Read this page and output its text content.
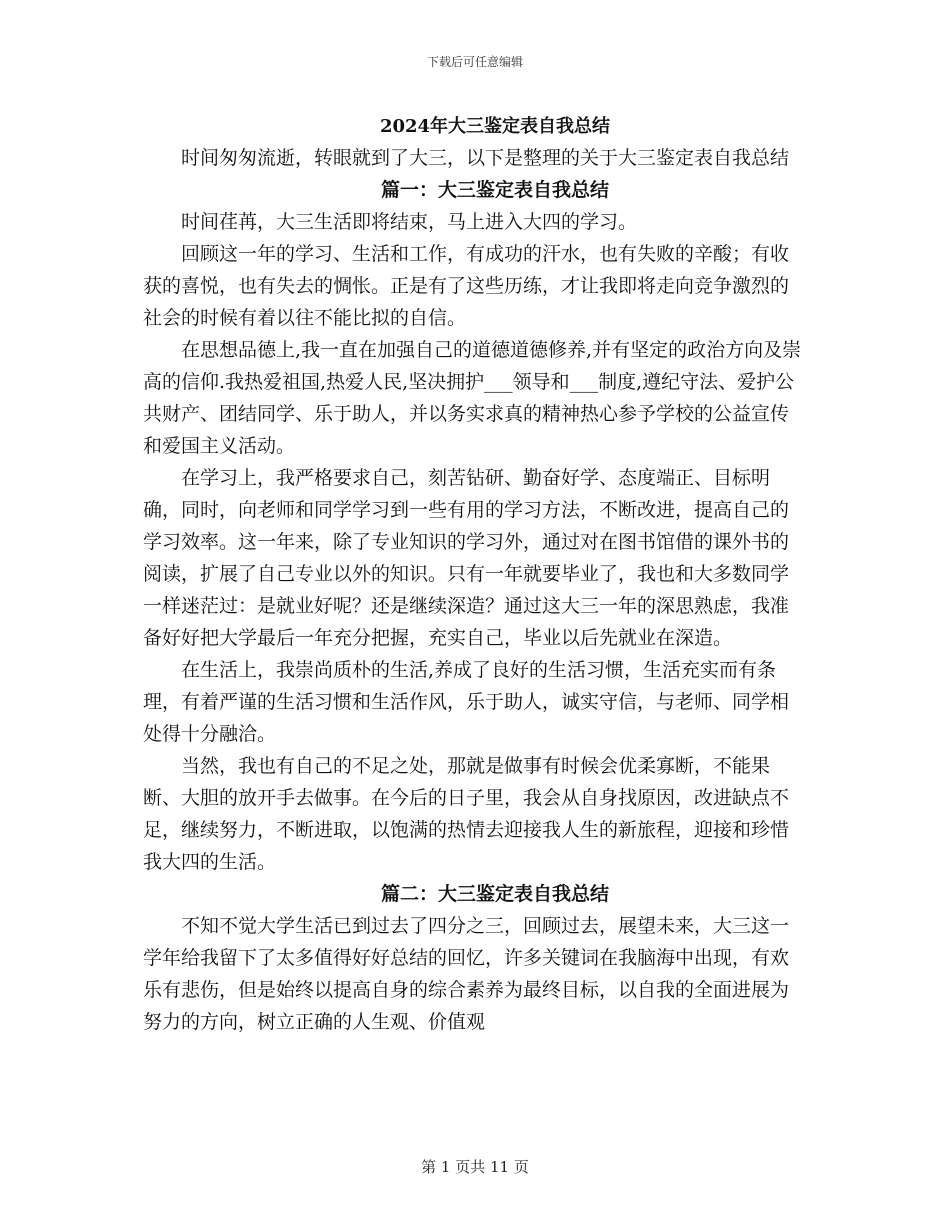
下载后可任意编辑
2024年大三鉴定表自我总结

时间匆匆流逝，转眼就到了大三，以下是整理的关于大三鉴定表自我总结

篇一：大三鉴定表自我总结

时间荏苒，大三生活即将结束，马上进入大四的学习。

回顾这一年的学习、生活和工作，有成功的汗水，也有失败的辛酸；有收获的喜悦，也有失去的惆怅。正是有了这些历练，才让我即将走向竞争激烈的社会的时候有着以往不能比拟的自信。

在思想品德上,我一直在加强自己的道德道德修养,并有坚定的政治方向及崇高的信仰.我热爱祖国,热爱人民,坚决拥护___领导和___制度,遵纪守法、爱护公共财产、团结同学、乐于助人，并以务实求真的精神热心参予学校的公益宣传和爱国主义活动。

在学习上，我严格要求自己，刻苦钻研、勤奋好学、态度端正、目标明确，同时，向老师和同学学习到一些有用的学习方法，不断改进，提高自己的学习效率。这一年来，除了专业知识的学习外，通过对在图书馆借的课外书的阅读，扩展了自己专业以外的知识。只有一年就要毕业了，我也和大多数同学一样迷茫过：是就业好呢？还是继续深造？通过这大三一年的深思熟虑，我准备好好把大学最后一年充分把握，充实自己，毕业以后先就业在深造。

在生活上，我崇尚质朴的生活,养成了良好的生活习惯，生活充实而有条理，有着严谨的生活习惯和生活作风，乐于助人，诚实守信，与老师、同学相处得十分融洽。

当然，我也有自己的不足之处，那就是做事有时候会优柔寡断，不能果断、大胆的放开手去做事。在今后的日子里，我会从自身找原因，改进缺点不足，继续努力，不断进取，以饱满的热情去迎接我人生的新旅程，迎接和珍惜我大四的生活。

篇二：大三鉴定表自我总结

不知不觉大学生活已到过去了四分之三，回顾过去，展望未来，大三这一学年给我留下了太多值得好好总结的回忆，许多关键词在我脑海中出现，有欢乐有悲伤，但是始终以提高自身的综合素养为最终目标，以自我的全面进展为努力的方向，树立正确的人生观、价值观

第 1 页共 11 页
